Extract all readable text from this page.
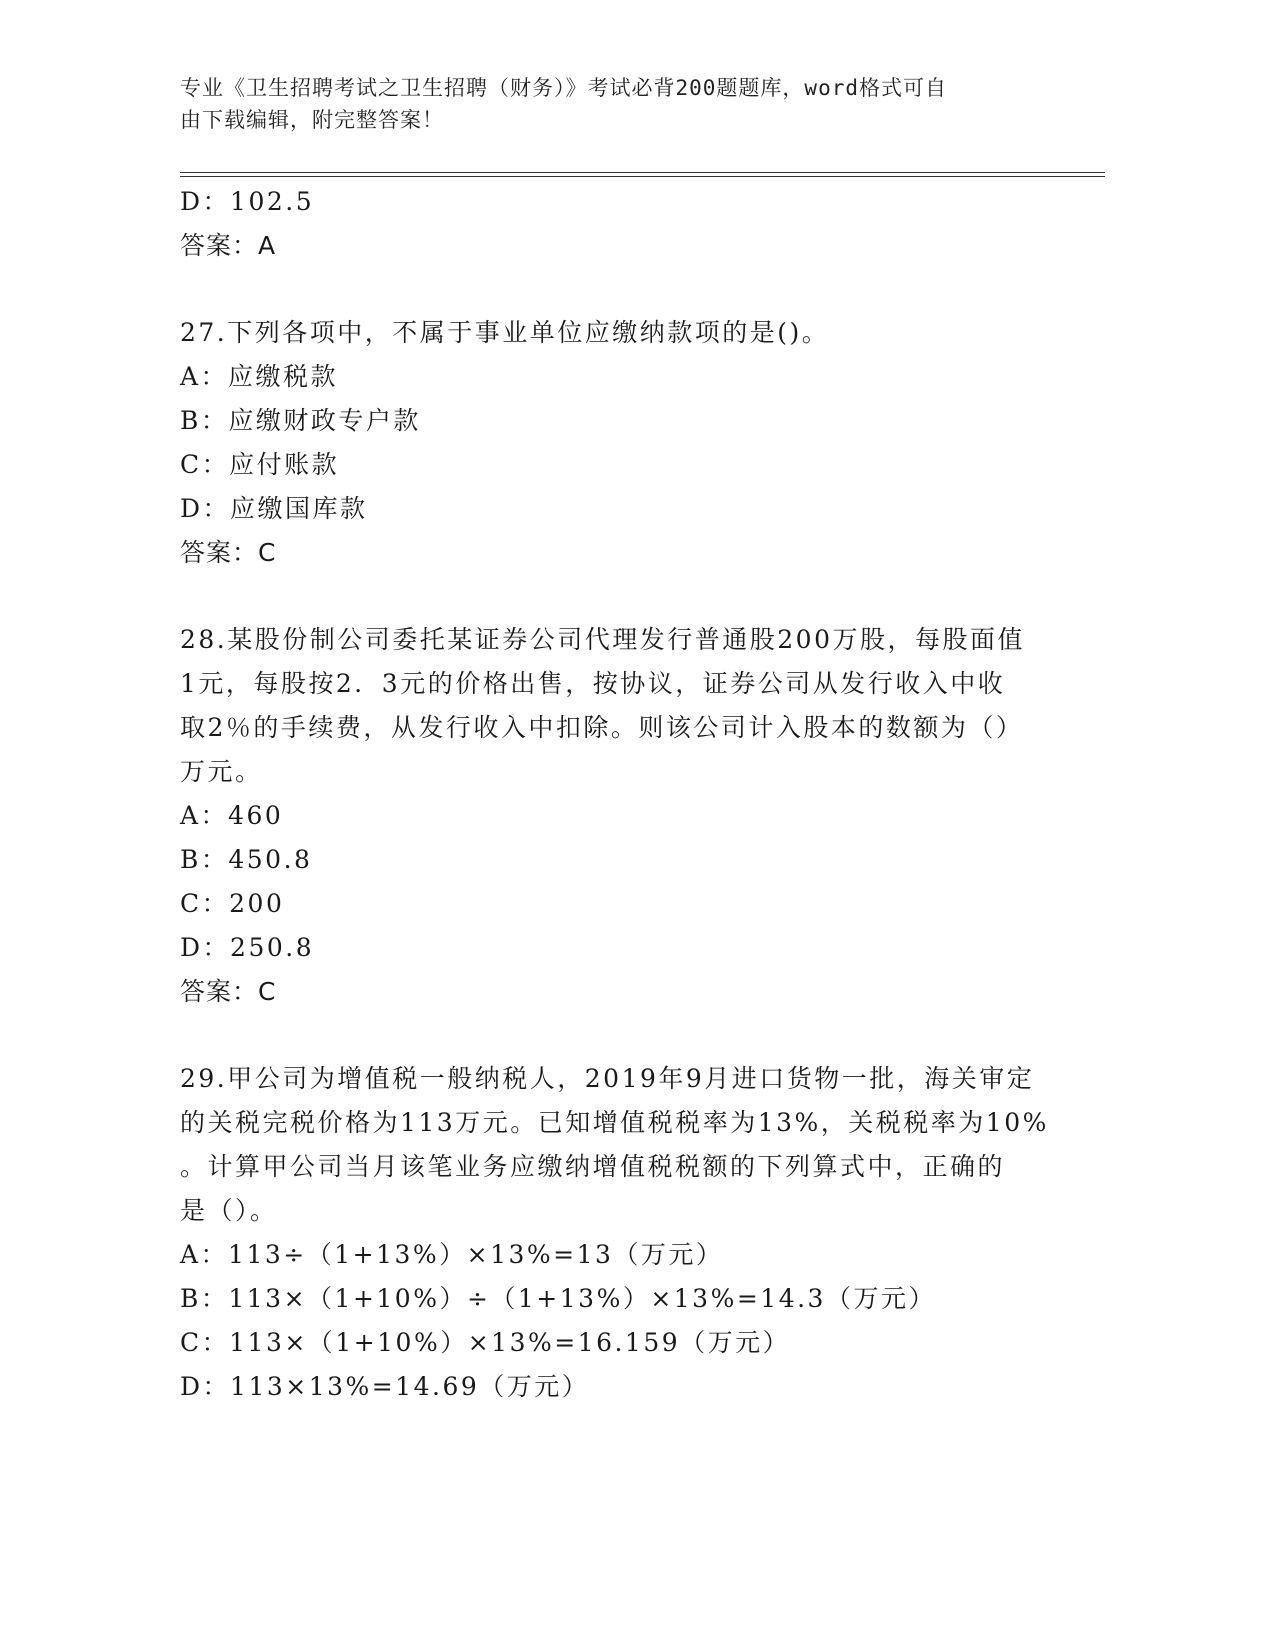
专业《卫生招聘考试之卫生招聘（财务）》考试必背200题题库，word格式可自
由下载编辑，附完整答案！
D：102.5
答案：A
27.下列各项中，不属于事业单位应缴纳款项的是()。
A：应缴税款
B：应缴财政专户款
C：应付账款
D：应缴国库款
答案：C
28.某股份制公司委托某证券公司代理发行普通股200万股，每股面值
1元，每股按2．3元的价格出售，按协议，证券公司从发行收入中收
取2％的手续费，从发行收入中扣除。则该公司计入股本的数额为（）
万元。
A：460
B：450.8
C：200
D：250.8
答案：C
29.甲公司为增值税一般纳税人，2019年9月进口货物一批，海关审定
的关税完税价格为113万元。已知增值税税率为13%，关税税率为10%
。计算甲公司当月该笔业务应缴纳增值税税额的下列算式中，正确的
是（）。
A：113÷（1+13%）×13%=13（万元）
B：113×（1+10%）÷（1+13%）×13%=14.3（万元）
C：113×（1+10%）×13%=16.159（万元）
D：113×13%=14.69（万元）
